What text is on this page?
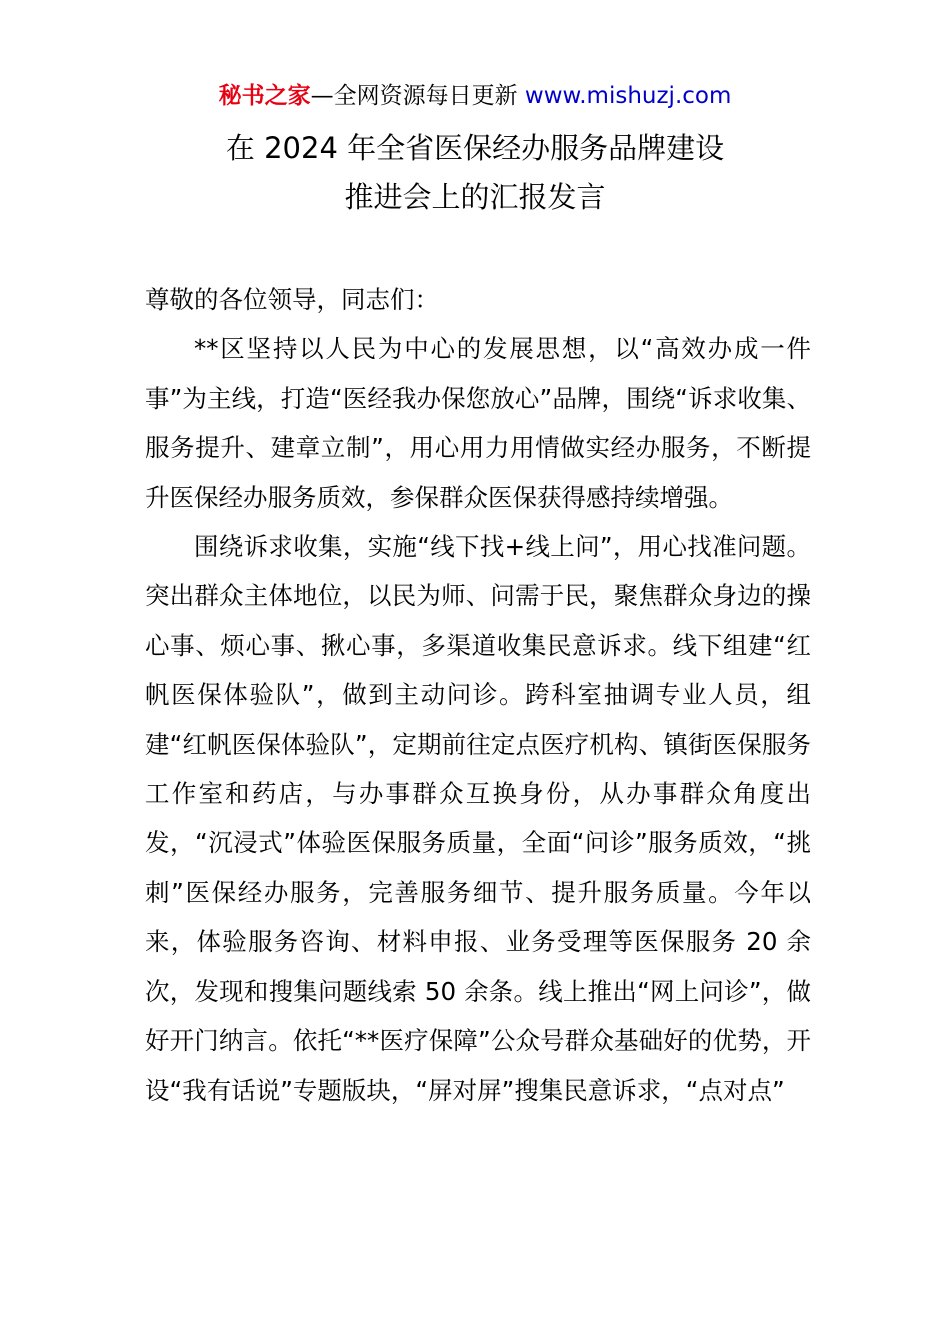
秘书之家—全网资源每日更新 www.mishuzj.com
在 2024 年全省医保经办服务品牌建设
推进会上的汇报发言

尊敬的各位领导，同志们：

**区坚持以人民为中心的发展思想，以“高效办成一件事”为主线，打造“医经我办保您放心”品牌，围绕“诉求收集、服务提升、建章立制”，用心用力用情做实经办服务，不断提升医保经办服务质效，参保群众医保获得感持续增强。

围绕诉求收集，实施“线下找+线上问”，用心找准问题。突出群众主体地位，以民为师、问需于民，聚焦群众身边的操心事、烦心事、揪心事，多渠道收集民意诉求。线下组建“红帆医保体验队”，做到主动问诊。跨科室抽调专业人员，组建“红帆医保体验队”，定期前往定点医疗机构、镇街医保服务工作室和药店，与办事群众互换身份，从办事群众角度出发，“沉浸式”体验医保服务质量，全面“问诊”服务质效，“挑刺”医保经办服务，完善服务细节、提升服务质量。今年以来，体验服务咨询、材料申报、业务受理等医保服务 20 余次，发现和搜集问题线索 50 余条。线上推出“网上问诊”，做好开门纳言。依托“**医疗保障”公众号群众基础好的优势，开设“我有话说”专题版块，“屏对屏”搜集民意诉求，“点对点”
